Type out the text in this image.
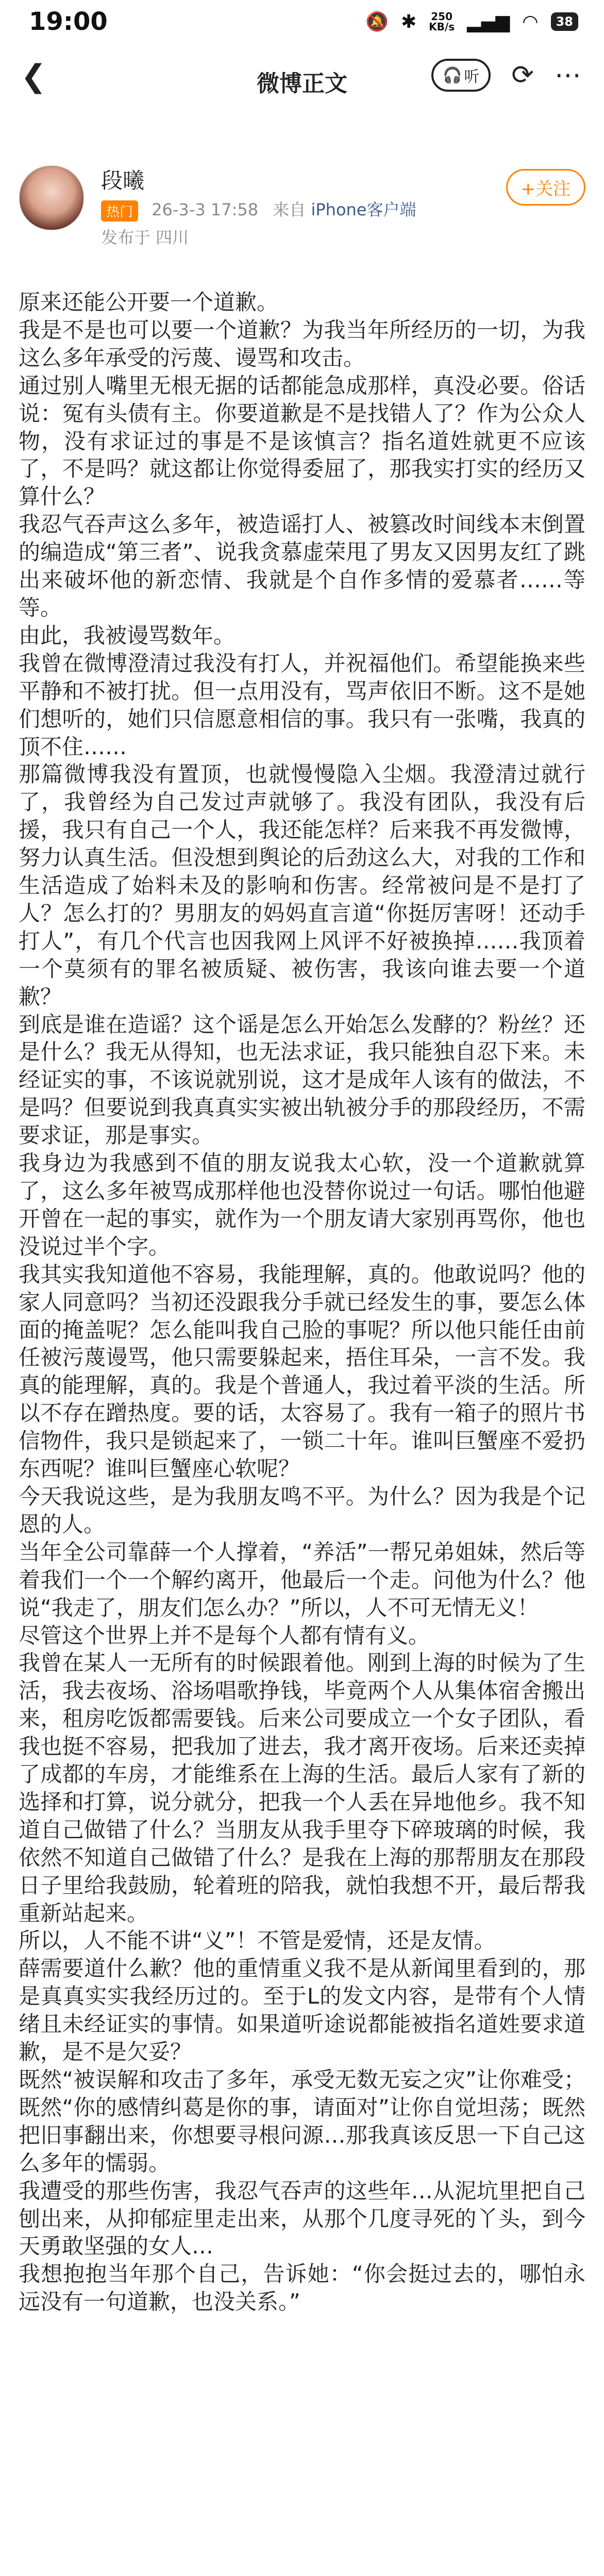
19:00	🔕 ✱ 250
KB/s ▂▄▆ ◠	38
❮	微博正文	🎧 听 ⟳ ⋯
段曦
热门 26-3-3 17:58 来自 iPhone客户端
发布于 四川
+关注

原来还能公开要一个道歉。

我是不是也可以要一个道歉？为我当年所经历的一切，为我这么多年承受的污蔑、谩骂和攻击。

通过别人嘴里无根无据的话都能急成那样，真没必要。俗话说：冤有头债有主。你要道歉是不是找错人了？作为公众人物，没有求证过的事是不是该慎言？指名道姓就更不应该了，不是吗？就这都让你觉得委屈了，那我实打实的经历又算什么？

我忍气吞声这么多年，被造谣打人、被篡改时间线本末倒置的编造成“第三者”、说我贪慕虚荣甩了男友又因男友红了跳出来破坏他的新恋情、我就是个自作多情的爱慕者……等等。

由此，我被谩骂数年。

我曾在微博澄清过我没有打人，并祝福他们。希望能换来些平静和不被打扰。但一点用没有，骂声依旧不断。这不是她们想听的，她们只信愿意相信的事。我只有一张嘴，我真的顶不住……

那篇微博我没有置顶，也就慢慢隐入尘烟。我澄清过就行了，我曾经为自己发过声就够了。我没有团队，我没有后援，我只有自己一个人，我还能怎样？后来我不再发微博，努力认真生活。但没想到舆论的后劲这么大，对我的工作和生活造成了始料未及的影响和伤害。经常被问是不是打了人？怎么打的？男朋友的妈妈直言道“你挺厉害呀！还动手打人”，有几个代言也因我网上风评不好被换掉……我顶着一个莫须有的罪名被质疑、被伤害，我该向谁去要一个道歉？

到底是谁在造谣？这个谣是怎么开始怎么发酵的？粉丝？还是什么？我无从得知，也无法求证，我只能独自忍下来。未经证实的事，不该说就别说，这才是成年人该有的做法，不是吗？但要说到我真真实实被出轨被分手的那段经历，不需要求证，那是事实。

我身边为我感到不值的朋友说我太心软，没一个道歉就算了，这么多年被骂成那样他也没替你说过一句话。哪怕他避开曾在一起的事实，就作为一个朋友请大家别再骂你，他也没说过半个字。

我其实我知道他不容易，我能理解，真的。他敢说吗？他的家人同意吗？当初还没跟我分手就已经发生的事，要怎么体面的掩盖呢？怎么能叫我自己脸的事呢？所以他只能任由前任被污蔑谩骂，他只需要躲起来，捂住耳朵，一言不发。我真的能理解，真的。我是个普通人，我过着平淡的生活。所以不存在蹭热度。要的话，太容易了。我有一箱子的照片书信物件，我只是锁起来了，一锁二十年。谁叫巨蟹座不爱扔东西呢？谁叫巨蟹座心软呢？

今天我说这些，是为我朋友鸣不平。为什么？因为我是个记恩的人。

当年全公司靠薛一个人撑着，“养活”一帮兄弟姐妹，然后等着我们一个一个解约离开，他最后一个走。问他为什么？他说“我走了，朋友们怎么办？”所以，人不可无情无义！

尽管这个世界上并不是每个人都有情有义。

我曾在某人一无所有的时候跟着他。刚到上海的时候为了生活，我去夜场、浴场唱歌挣钱，毕竟两个人从集体宿舍搬出来，租房吃饭都需要钱。后来公司要成立一个女子团队，看我也挺不容易，把我加了进去，我才离开夜场。后来还卖掉了成都的车房，才能维系在上海的生活。最后人家有了新的选择和打算，说分就分，把我一个人丢在异地他乡。我不知道自己做错了什么？当朋友从我手里夺下碎玻璃的时候，我依然不知道自己做错了什么？是我在上海的那帮朋友在那段日子里给我鼓励，轮着班的陪我，就怕我想不开，最后帮我重新站起来。

所以，人不能不讲“义”！不管是爱情，还是友情。

薛需要道什么歉？他的重情重义我不是从新闻里看到的，那是真真实实我经历过的。至于L的发文内容，是带有个人情绪且未经证实的事情。如果道听途说都能被指名道姓要求道歉，是不是欠妥？

既然“被误解和攻击了多年，承受无数无妄之灾”让你难受；既然“你的感情纠葛是你的事，请面对”让你自觉坦荡；既然把旧事翻出来，你想要寻根问源…那我真该反思一下自己这么多年的懦弱。

我遭受的那些伤害，我忍气吞声的这些年…从泥坑里把自己刨出来，从抑郁症里走出来，从那个几度寻死的丫头，到今天勇敢坚强的女人…

我想抱抱当年那个自己，告诉她：“你会挺过去的，哪怕永远没有一句道歉，也没关系。”
